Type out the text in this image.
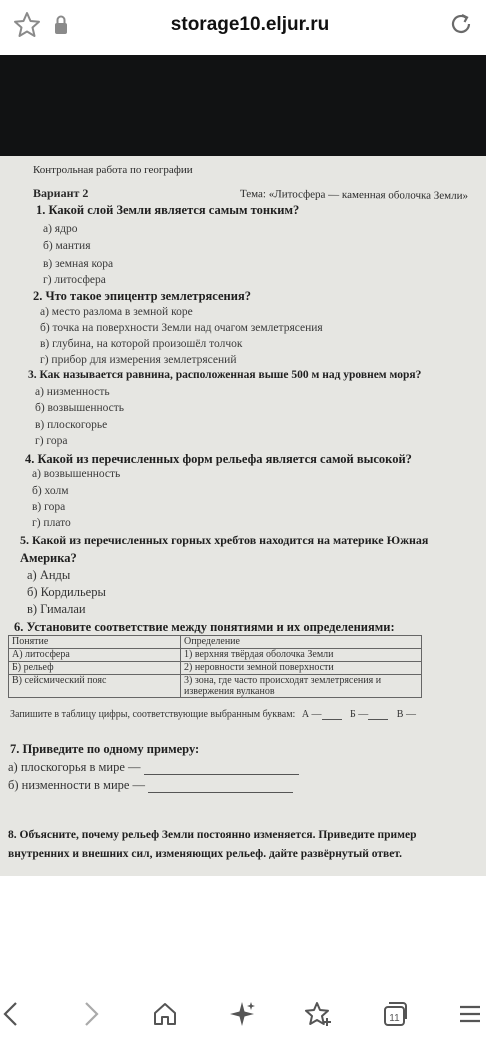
storage10.eljur.ru
Контрольная работа по географии
Тема: «Литосфера — каменная оболочка Земли»
Вариант 2
1. Какой слой Земли является самым тонким?
а) ядро
б) мантия
в) земная кора
г) литосфера
2. Что такое эпицентр землетрясения?
а) место разлома в земной коре
б) точка на поверхности Земли над очагом землетрясения
в) глубина, на которой произошёл толчок
г) прибор для измерения землетрясений
3. Как называется равнина, расположенная выше 500 м над уровнем моря?
а) низменность
б) возвышенность
в) плоскогорье
г) гора
4. Какой из перечисленных форм рельефа является самой высокой?
а) возвышенность
б) холм
в) гора
г) плато
5. Какой из перечисленных горных хребтов находится на материке Южная
Америка?
а) Анды
б) Кордильеры
в) Гималаи
6. Установите соответствие между понятиями и их определениями:
Понятие	Определение
А) литосфера	1) верхняя твёрдая оболочка Земли
Б) рельеф	2) неровности земной поверхности
В) сейсмический пояс	3) зона, где часто происходят землетрясения и
извержения вулканов
Запишите в таблицу цифры, соответствующие выбранным буквам: А —	Б —	В —
7. Приведите по одному примеру:
а) плоскогорья в мире —
б) низменности в мире —
8. Объясните, почему рельеф Земли постоянно изменяется. Приведите пример
внутренних и внешних сил, изменяющих рельеф. дайте развёрнутый ответ.
11
